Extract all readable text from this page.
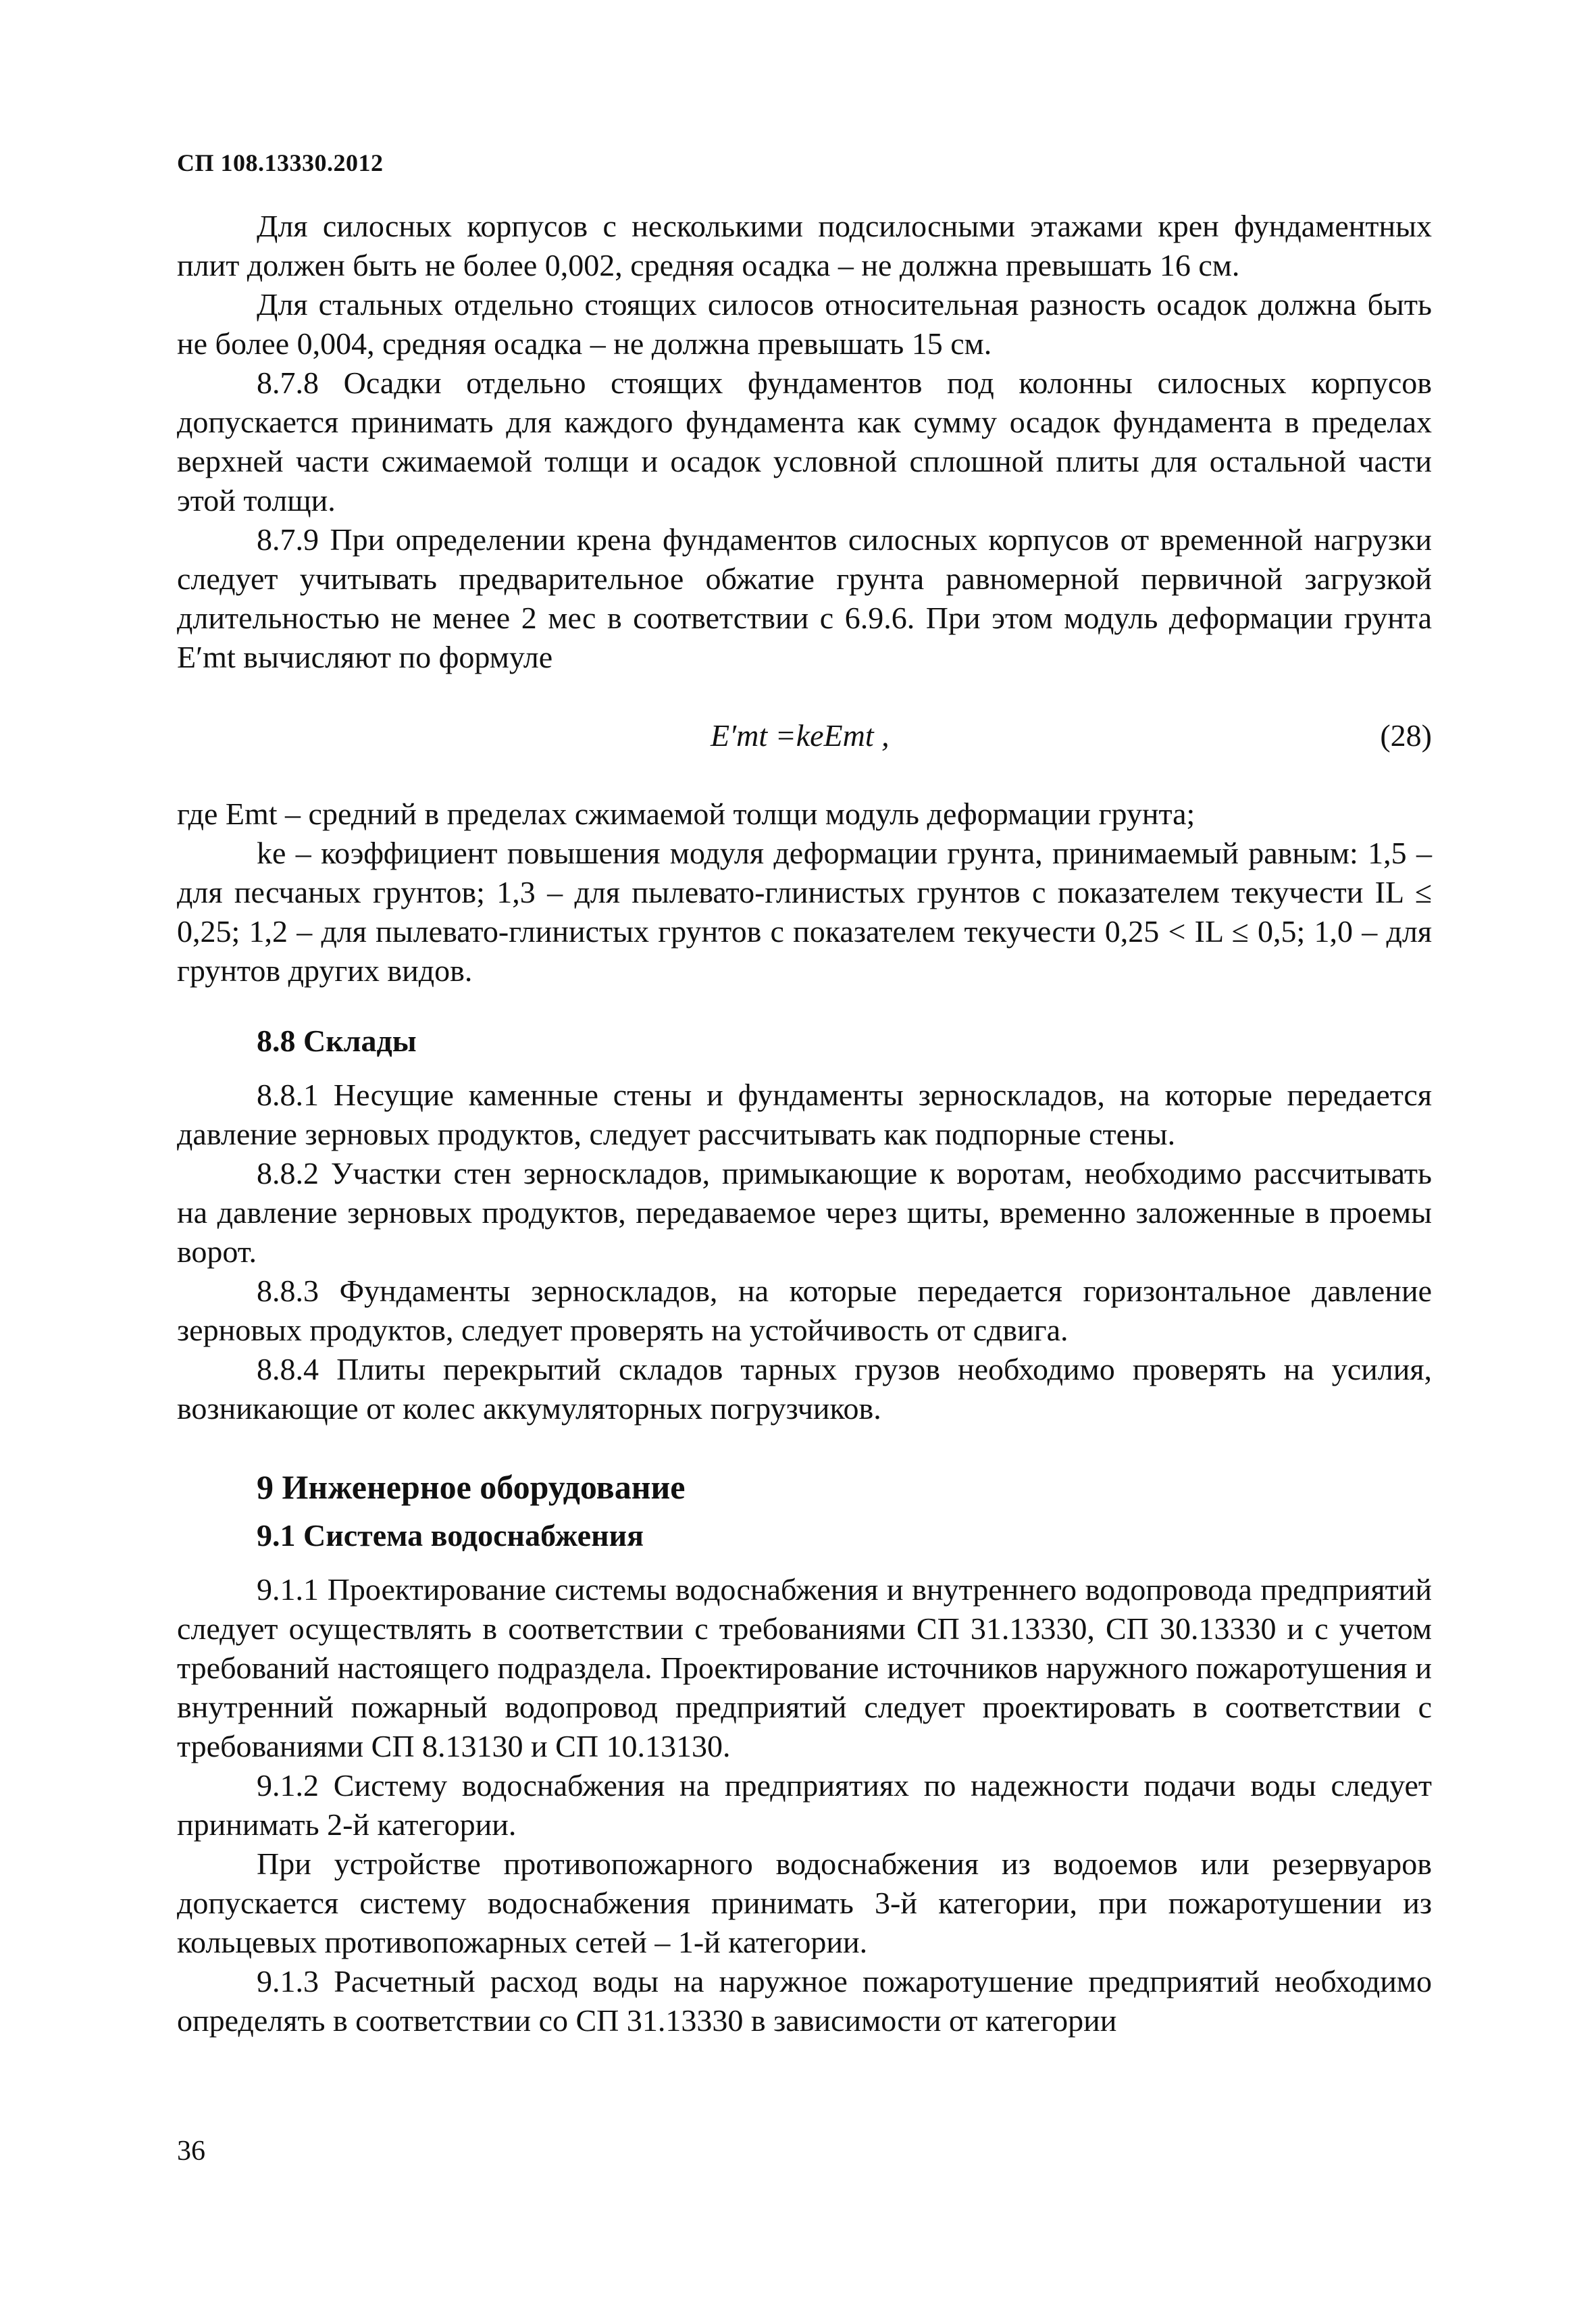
СП 108.13330.2012

Для силосных корпусов с несколькими подсилосными этажами крен фундаментных плит должен быть не более 0,002, средняя осадка – не должна превышать 16 см.

Для стальных отдельно стоящих силосов относительная разность осадок должна быть не более 0,004, средняя осадка – не должна превышать 15 см.

8.7.8 Осадки отдельно стоящих фундаментов под колонны силосных корпусов допускается принимать для каждого фундамента как сумму осадок фундамента в пределах верхней части сжимаемой толщи и осадок условной сплошной плиты для остальной части этой толщи.

8.7.9 При определении крена фундаментов силосных корпусов от временной нагрузки следует учитывать предварительное обжатие грунта равномерной первичной загрузкой длительностью не менее 2 мес в соответствии с 6.9.6. При этом модуль деформации грунта E′mt вычисляют по формуле

E′mt =keEmt ,	(28)

где Emt – средний в пределах сжимаемой толщи модуль деформации грунта;

ke – коэффициент повышения модуля деформации грунта, принимаемый равным: 1,5 – для песчаных грунтов; 1,3 – для пылевато-глинистых грунтов с показателем текучести IL ≤ 0,25; 1,2 – для пылевато-глинистых грунтов с показателем текучести 0,25 < IL ≤ 0,5; 1,0 – для грунтов других видов.

8.8 Склады

8.8.1 Несущие каменные стены и фундаменты зерноскладов, на которые передается давление зерновых продуктов, следует рассчитывать как подпорные стены.

8.8.2 Участки стен зерноскладов, примыкающие к воротам, необходимо рассчитывать на давление зерновых продуктов, передаваемое через щиты, временно заложенные в проемы ворот.

8.8.3 Фундаменты зерноскладов, на которые передается горизонтальное давление зерновых продуктов, следует проверять на устойчивость от сдвига.

8.8.4 Плиты перекрытий складов тарных грузов необходимо проверять на усилия, возникающие от колес аккумуляторных погрузчиков.

9 Инженерное оборудование
9.1 Система водоснабжения

9.1.1 Проектирование системы водоснабжения и внутреннего водопровода предприятий следует осуществлять в соответствии с требованиями СП 31.13330, СП 30.13330 и с учетом требований настоящего подраздела. Проектирование источников наружного пожаротушения и внутренний пожарный водопровод предприятий следует проектировать в соответствии с требованиями СП 8.13130 и СП 10.13130.

9.1.2 Систему водоснабжения на предприятиях по надежности подачи воды следует принимать 2-й категории.

При устройстве противопожарного водоснабжения из водоемов или резервуаров допускается систему водоснабжения принимать 3-й категории, при пожаротушении из кольцевых противопожарных сетей – 1-й категории.

9.1.3 Расчетный расход воды на наружное пожаротушение предприятий необходимо определять в соответствии со СП 31.13330 в зависимости от категории

36
